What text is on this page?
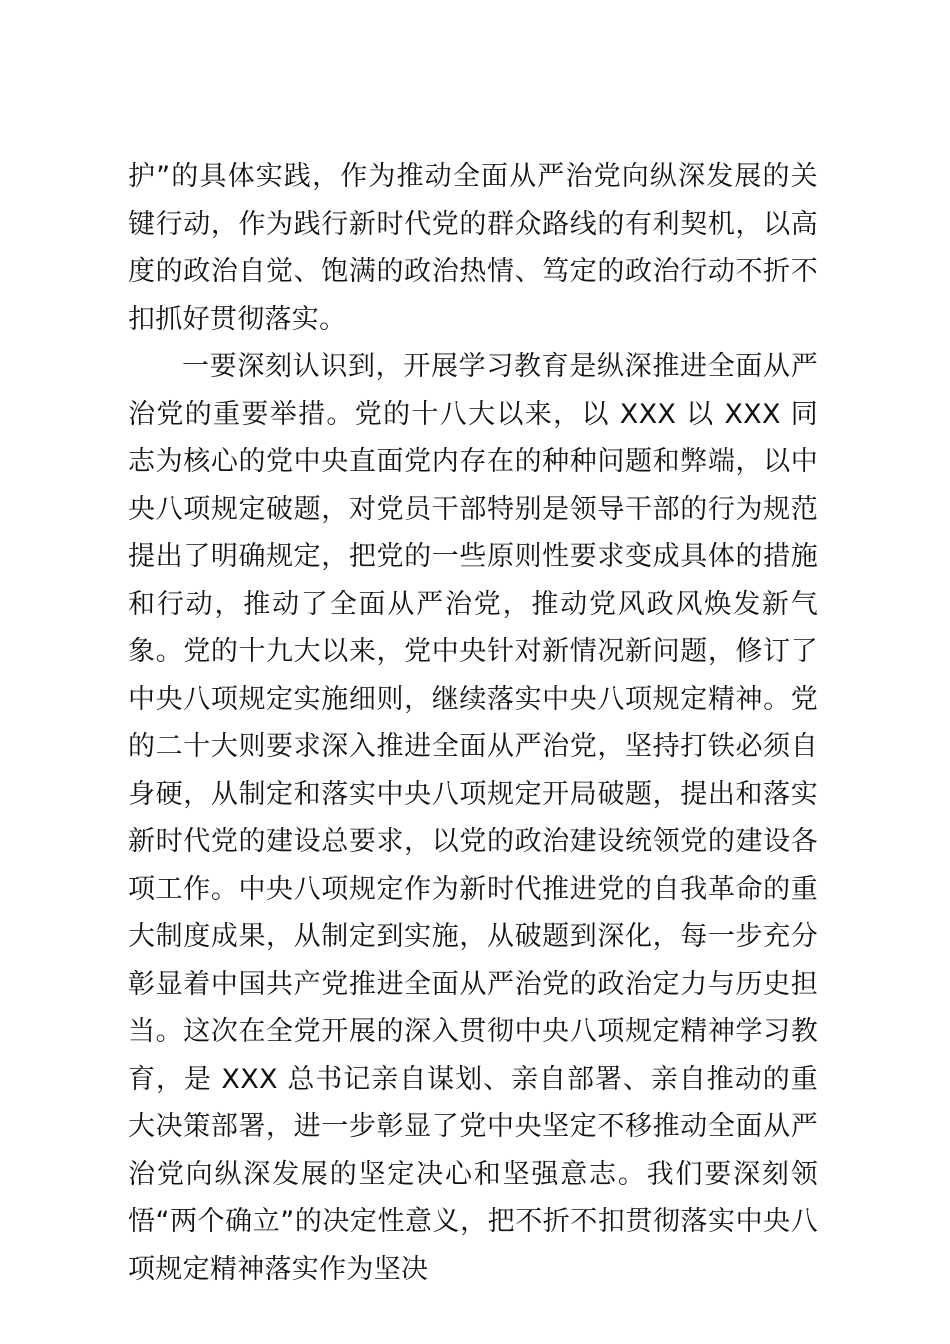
护”的具体实践，作为推动全面从严治党向纵深发展的关键行动，作为践行新时代党的群众路线的有利契机，以高度的政治自觉、饱满的政治热情、笃定的政治行动不折不扣抓好贯彻落实。

一要深刻认识到，开展学习教育是纵深推进全面从严治党的重要举措。党的十八大以来，以 XXX 以 XXX 同志为核心的党中央直面党内存在的种种问题和弊端，以中央八项规定破题，对党员干部特别是领导干部的行为规范提出了明确规定，把党的一些原则性要求变成具体的措施和行动，推动了全面从严治党，推动党风政风焕发新气象。党的十九大以来，党中央针对新情况新问题，修订了中央八项规定实施细则，继续落实中央八项规定精神。党的二十大则要求深入推进全面从严治党，坚持打铁必须自身硬，从制定和落实中央八项规定开局破题，提出和落实新时代党的建设总要求，以党的政治建设统领党的建设各项工作。中央八项规定作为新时代推进党的自我革命的重大制度成果，从制定到实施，从破题到深化，每一步充分彰显着中国共产党推进全面从严治党的政治定力与历史担当。这次在全党开展的深入贯彻中央八项规定精神学习教育，是 XXX 总书记亲自谋划、亲自部署、亲自推动的重大决策部署，进一步彰显了党中央坚定不移推动全面从严治党向纵深发展的坚定决心和坚强意志。我们要深刻领悟“两个确立”的决定性意义，把不折不扣贯彻落实中央八项规定精神落实作为坚决
